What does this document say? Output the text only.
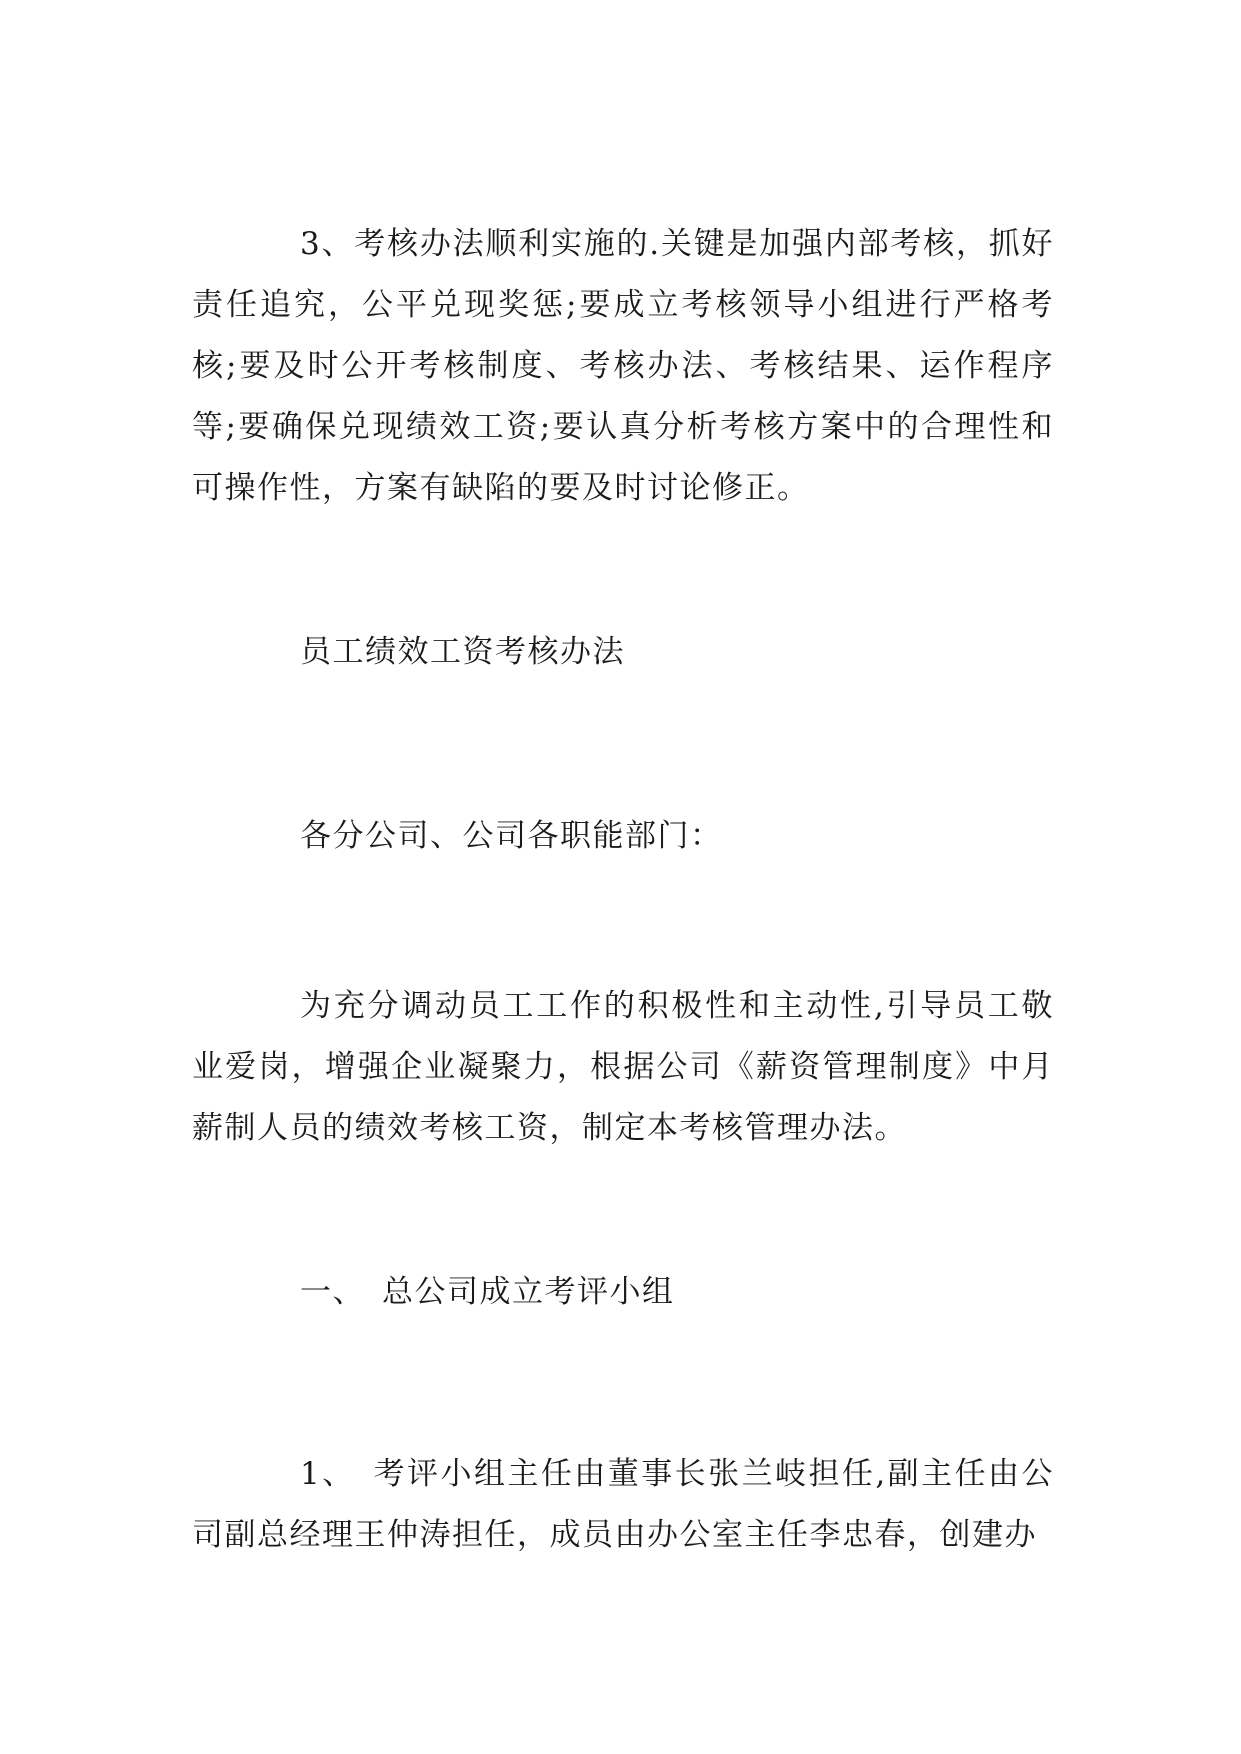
3、考核办法顺利实施的.关键是加强内部考核，抓好责任追究，公平兑现奖惩;要成立考核领导小组进行严格考核;要及时公开考核制度、考核办法、考核结果、运作程序等;要确保兑现绩效工资;要认真分析考核方案中的合理性和可操作性，方案有缺陷的要及时讨论修正。

员工绩效工资考核办法

各分公司、公司各职能部门：

为充分调动员工工作的积极性和主动性,引导员工敬业爱岗，增强企业凝聚力，根据公司《薪资管理制度》中月薪制人员的绩效考核工资，制定本考核管理办法。

一、　总公司成立考评小组

1、　考评小组主任由董事长张兰岐担任,副主任由公司副总经理王仲涛担任，成员由办公室主任李忠春，创建办
